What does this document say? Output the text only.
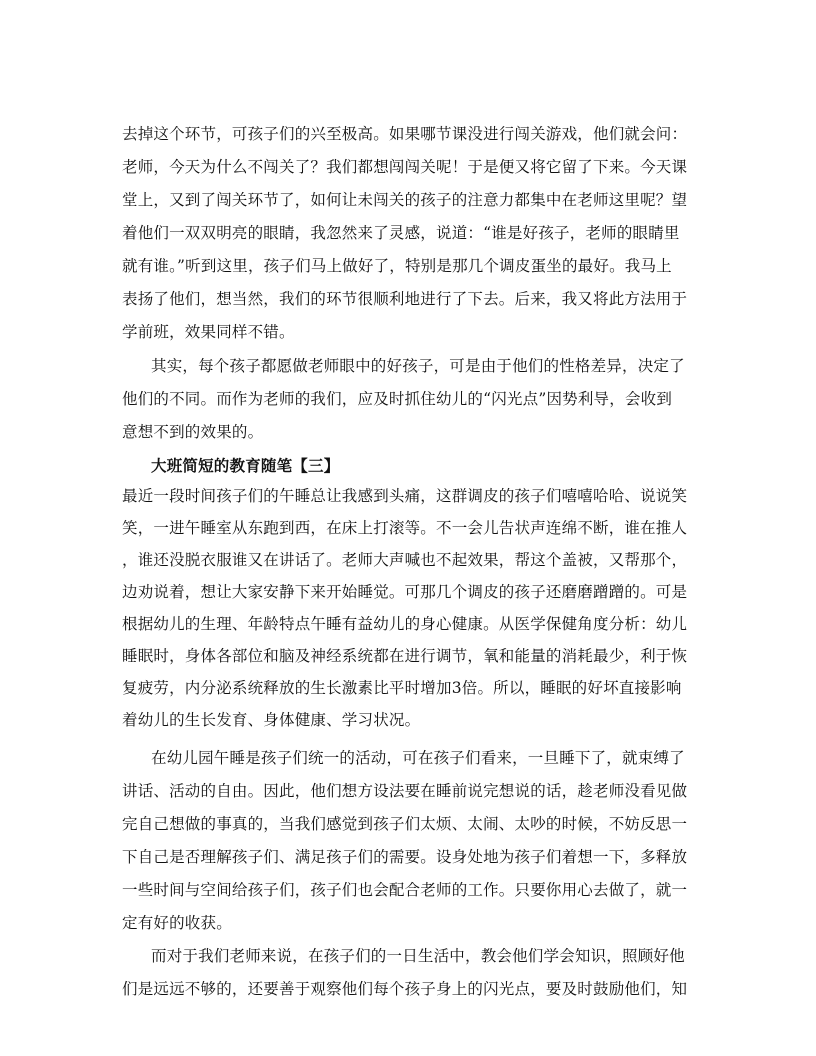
去掉这个环节，可孩子们的兴至极高。如果哪节课没进行闯关游戏，他们就会问：
老师，今天为什么不闯关了？我们都想闯闯关呢！于是便又将它留了下来。今天课
堂上，又到了闯关环节了，如何让未闯关的孩子的注意力都集中在老师这里呢？望
着他们一双双明亮的眼睛，我忽然来了灵感，说道：“谁是好孩子，老师的眼睛里
就有谁。”听到这里，孩子们马上做好了，特别是那几个调皮蛋坐的最好。我马上
表扬了他们，想当然，我们的环节很顺利地进行了下去。后来，我又将此方法用于
学前班，效果同样不错。
其实，每个孩子都愿做老师眼中的好孩子，可是由于他们的性格差异，决定了
他们的不同。而作为老师的我们，应及时抓住幼儿的“闪光点”因势利导，会收到
意想不到的效果的。
大班简短的教育随笔【三】
最近一段时间孩子们的午睡总让我感到头痛，这群调皮的孩子们嘻嘻哈哈、说说笑
笑，一进午睡室从东跑到西，在床上打滚等。不一会儿告状声连绵不断，谁在推人
，谁还没脱衣服谁又在讲话了。老师大声喊也不起效果，帮这个盖被，又帮那个，
边劝说着，想让大家安静下来开始睡觉。可那几个调皮的孩子还磨磨蹭蹭的。可是
根据幼儿的生理、年龄特点午睡有益幼儿的身心健康。从医学保健角度分析：幼儿
睡眠时，身体各部位和脑及神经系统都在进行调节，氧和能量的消耗最少，利于恢
复疲劳，内分泌系统释放的生长激素比平时增加3倍。所以，睡眠的好坏直接影响
着幼儿的生长发育、身体健康、学习状况。
在幼儿园午睡是孩子们统一的活动，可在孩子们看来，一旦睡下了，就束缚了
讲话、活动的自由。因此，他们想方设法要在睡前说完想说的话，趁老师没看见做
完自己想做的事真的，当我们感觉到孩子们太烦、太闹、太吵的时候，不妨反思一
下自己是否理解孩子们、满足孩子们的需要。设身处地为孩子们着想一下，多释放
一些时间与空间给孩子们，孩子们也会配合老师的工作。只要你用心去做了，就一
定有好的收获。
而对于我们老师来说，在孩子们的一日生活中，教会他们学会知识，照顾好他
们是远远不够的，还要善于观察他们每个孩子身上的闪光点，要及时鼓励他们，知
